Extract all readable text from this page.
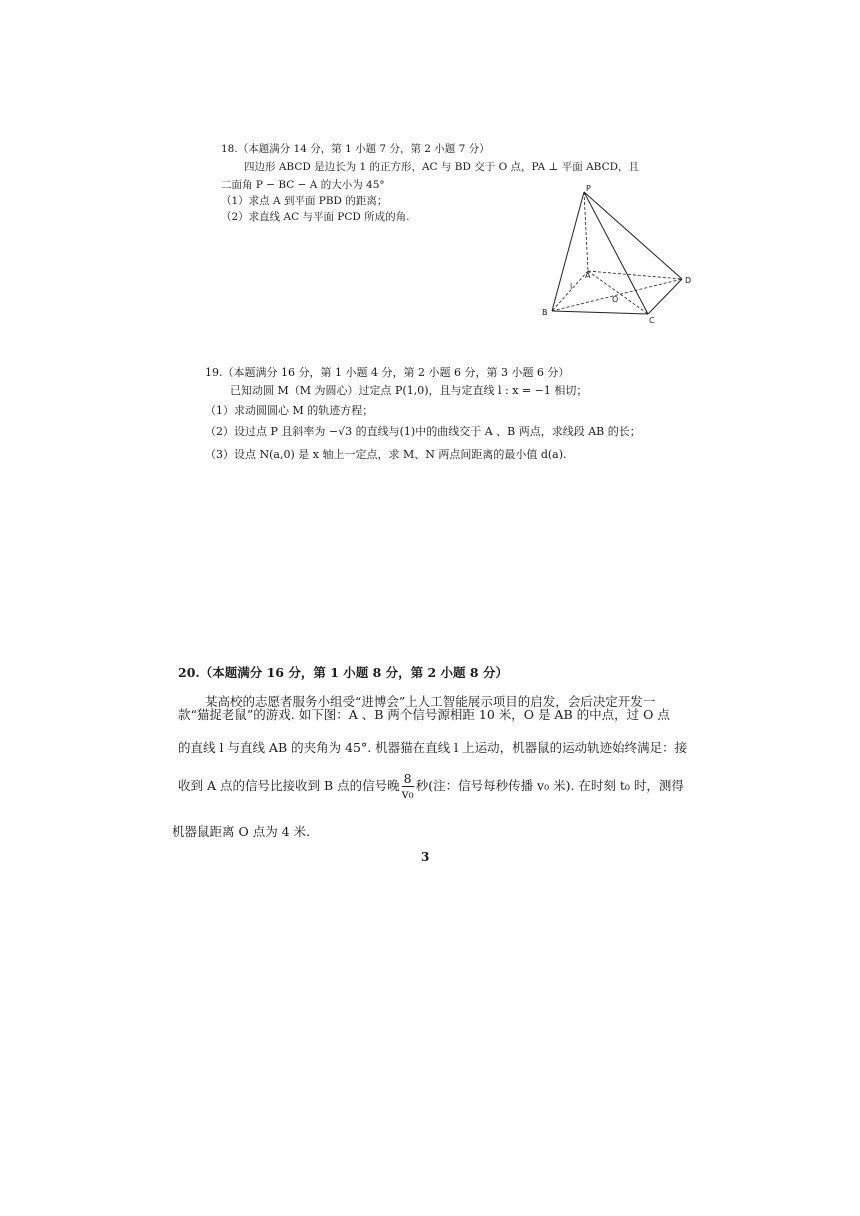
18.（本题满分 14 分，第 1 小题 7 分，第 2 小题 7 分）
四边形 ABCD 是边长为 1 的正方形，AC 与 BD 交于 O 点，PA ⊥ 平面 ABCD，且
二面角 P − BC − A 的大小为 45°
（1）求点 A 到平面 PBD 的距离；
（2）求直线 AC 与平面 PCD 所成的角.
P
A
B
C
D
O
l
19.（本题满分 16 分，第 1 小题 4 分，第 2 小题 6 分，第 3 小题 6 分）
已知动圆 M（M 为圆心）过定点 P(1,0)，且与定直线 l : x = −1 相切；
（1）求动圆圆心 M 的轨迹方程；
（2）设过点 P 且斜率为 −√3 的直线与(1)中的曲线交于 A 、B 两点，求线段 AB 的长；
（3）设点 N(a,0) 是 x 轴上一定点，求 M、N 两点间距离的最小值 d(a).
20.（本题满分 16 分，第 1 小题 8 分，第 2 小题 8 分）
某高校的志愿者服务小组受“进博会”上人工智能展示项目的启发，会后决定开发一
款“猫捉老鼠”的游戏. 如下图：A 、B 两个信号源相距 10 米，O 是 AB 的中点，过 O 点
的直线 l 与直线 AB 的夹角为 45°. 机器猫在直线 l 上运动，机器鼠的运动轨迹始终满足：接
收到 A 点的信号比接收到 B 点的信号晚 $\frac{8}{\text{v₀}}$ 秒(注：信号每秒传播 v₀ 米). 在时刻 t₀ 时，测得
机器鼠距离 O 点为 4 米.
3
